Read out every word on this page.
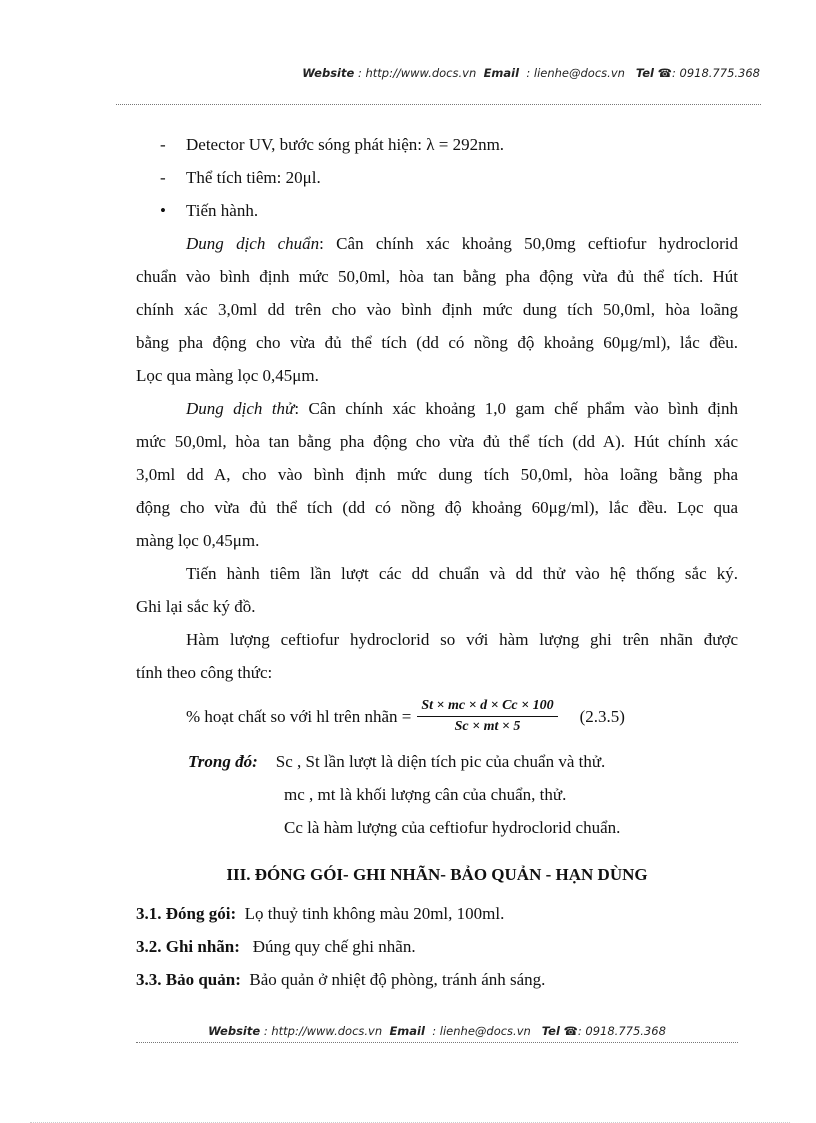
Website : http://www.docs.vn Email : lienhe@docs.vn Tel ☎: 0918.775.368
- Detector UV, bước sóng phát hiện: λ = 292nm.
- Thể tích tiêm: 20μl.
• Tiến hành.
Dung dịch chuẩn: Cân chính xác khoảng 50,0mg ceftiofur hydroclorid
chuẩn vào bình định mức 50,0ml, hòa tan bằng pha động vừa đủ thể tích. Hút
chính xác 3,0ml dd trên cho vào bình định mức dung tích 50,0ml, hòa loãng
bằng pha động cho vừa đủ thể tích (dd có nồng độ khoảng 60μg/ml), lắc đều.
Lọc qua màng lọc 0,45μm.
Dung dịch thử: Cân chính xác khoảng 1,0 gam chế phẩm vào bình định
mức 50,0ml, hòa tan bằng pha động cho vừa đủ thể tích (dd A). Hút chính xác
3,0ml dd A, cho vào bình định mức dung tích 50,0ml, hòa loãng bằng pha
động cho vừa đủ thể tích (dd có nồng độ khoảng 60μg/ml), lắc đều. Lọc qua
màng lọc 0,45μm.
Tiến hành tiêm lần lượt các dd chuẩn và dd thử vào hệ thống sắc ký.
Ghi lại sắc ký đồ.
Hàm lượng ceftiofur hydroclorid so với hàm lượng ghi trên nhãn được
tính theo công thức:
% hoạt chất so với hl trên nhãn = $\frac{St \times mc \times d \times Cc \times 100}{Sc \times mt \times 5} (2.3.5)$
Trong đó: Sc , St lần lượt là diện tích pic của chuẩn và thử.
mc , mt là khối lượng cân của chuẩn, thử.
Cc là hàm lượng của ceftiofur hydroclorid chuẩn.
III. ĐÓNG GÓI- GHI NHÃN- BẢO QUẢN - HẠN DÙNG
3.1. Đóng gói: Lọ thuỷ tinh không màu 20ml, 100ml.
3.2. Ghi nhãn: Đúng quy chế ghi nhãn.
3.3. Bảo quản: Bảo quản ở nhiệt độ phòng, tránh ánh sáng.
Website : http://www.docs.vn Email : lienhe@docs.vn Tel ☎: 0918.775.368
